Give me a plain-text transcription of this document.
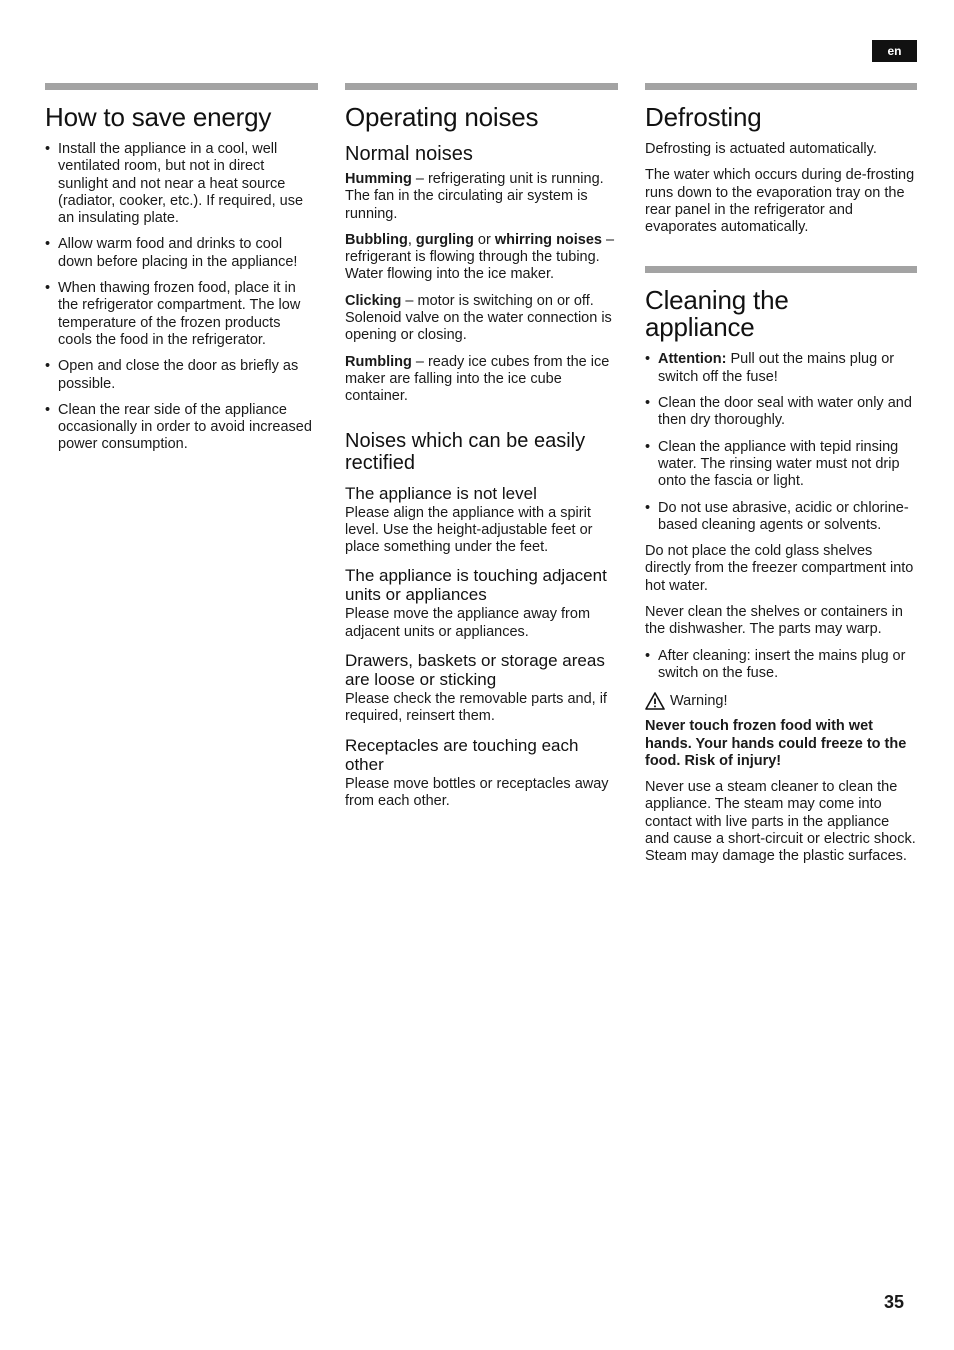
en
How to save energy
• Install the appliance in a cool, well ventilated room, but not in direct sunlight and not near a heat source (radiator, cooker, etc.). If required, use an insulating plate.
• Allow warm food and drinks to cool down before placing in the appliance!
• When thawing frozen food, place it in the refrigerator compartment. The low temperature of the frozen products cools the food in the refrigerator.
• Open and close the door as briefly as possible.
• Clean the rear side of the appliance occasionally in order to avoid increased power consumption.
Operating noises
Normal noises

Humming – refrigerating unit is running. The fan in the circulating air system is running.

Bubbling, gurgling or whirring noises – refrigerant is flowing through the tubing. Water flowing into the ice maker.

Clicking – motor is switching on or off. Solenoid valve on the water connection is opening or closing.

Rumbling – ready ice cubes from the ice maker are falling into the ice cube container.

Noises which can be easily rectified
The appliance is not level

Please align the appliance with a spirit level. Use the height-adjustable feet or place something under the feet.

The appliance is touching adjacent units or appliances

Please move the appliance away from adjacent units or appliances.

Drawers, baskets or storage areas are loose or sticking

Please check the removable parts and, if required, reinsert them.

Receptacles are touching each other

Please move bottles or receptacles away from each other.

Defrosting

Defrosting is actuated automatically.

The water which occurs during de-frosting runs down to the evaporation tray on the rear panel in the refrigerator and evaporates automatically.

Cleaning the appliance
• Attention: Pull out the mains plug or switch off the fuse!
• Clean the door seal with water only and then dry thoroughly.
• Clean the appliance with tepid rinsing water. The rinsing water must not drip onto the fascia or light.
• Do not use abrasive, acidic or chlorine-based cleaning agents or solvents.

Do not place the cold glass shelves directly from the freezer compartment into hot water.

Never clean the shelves or containers in the dishwasher. The parts may warp.

• After cleaning: insert the mains plug or switch on the fuse.
Warning!

Never touch frozen food with wet hands. Your hands could freeze to the food. Risk of injury!

Never use a steam cleaner to clean the appliance. The steam may come into contact with live parts in the appliance and cause a short-circuit or electric shock. Steam may damage the plastic surfaces.

35
